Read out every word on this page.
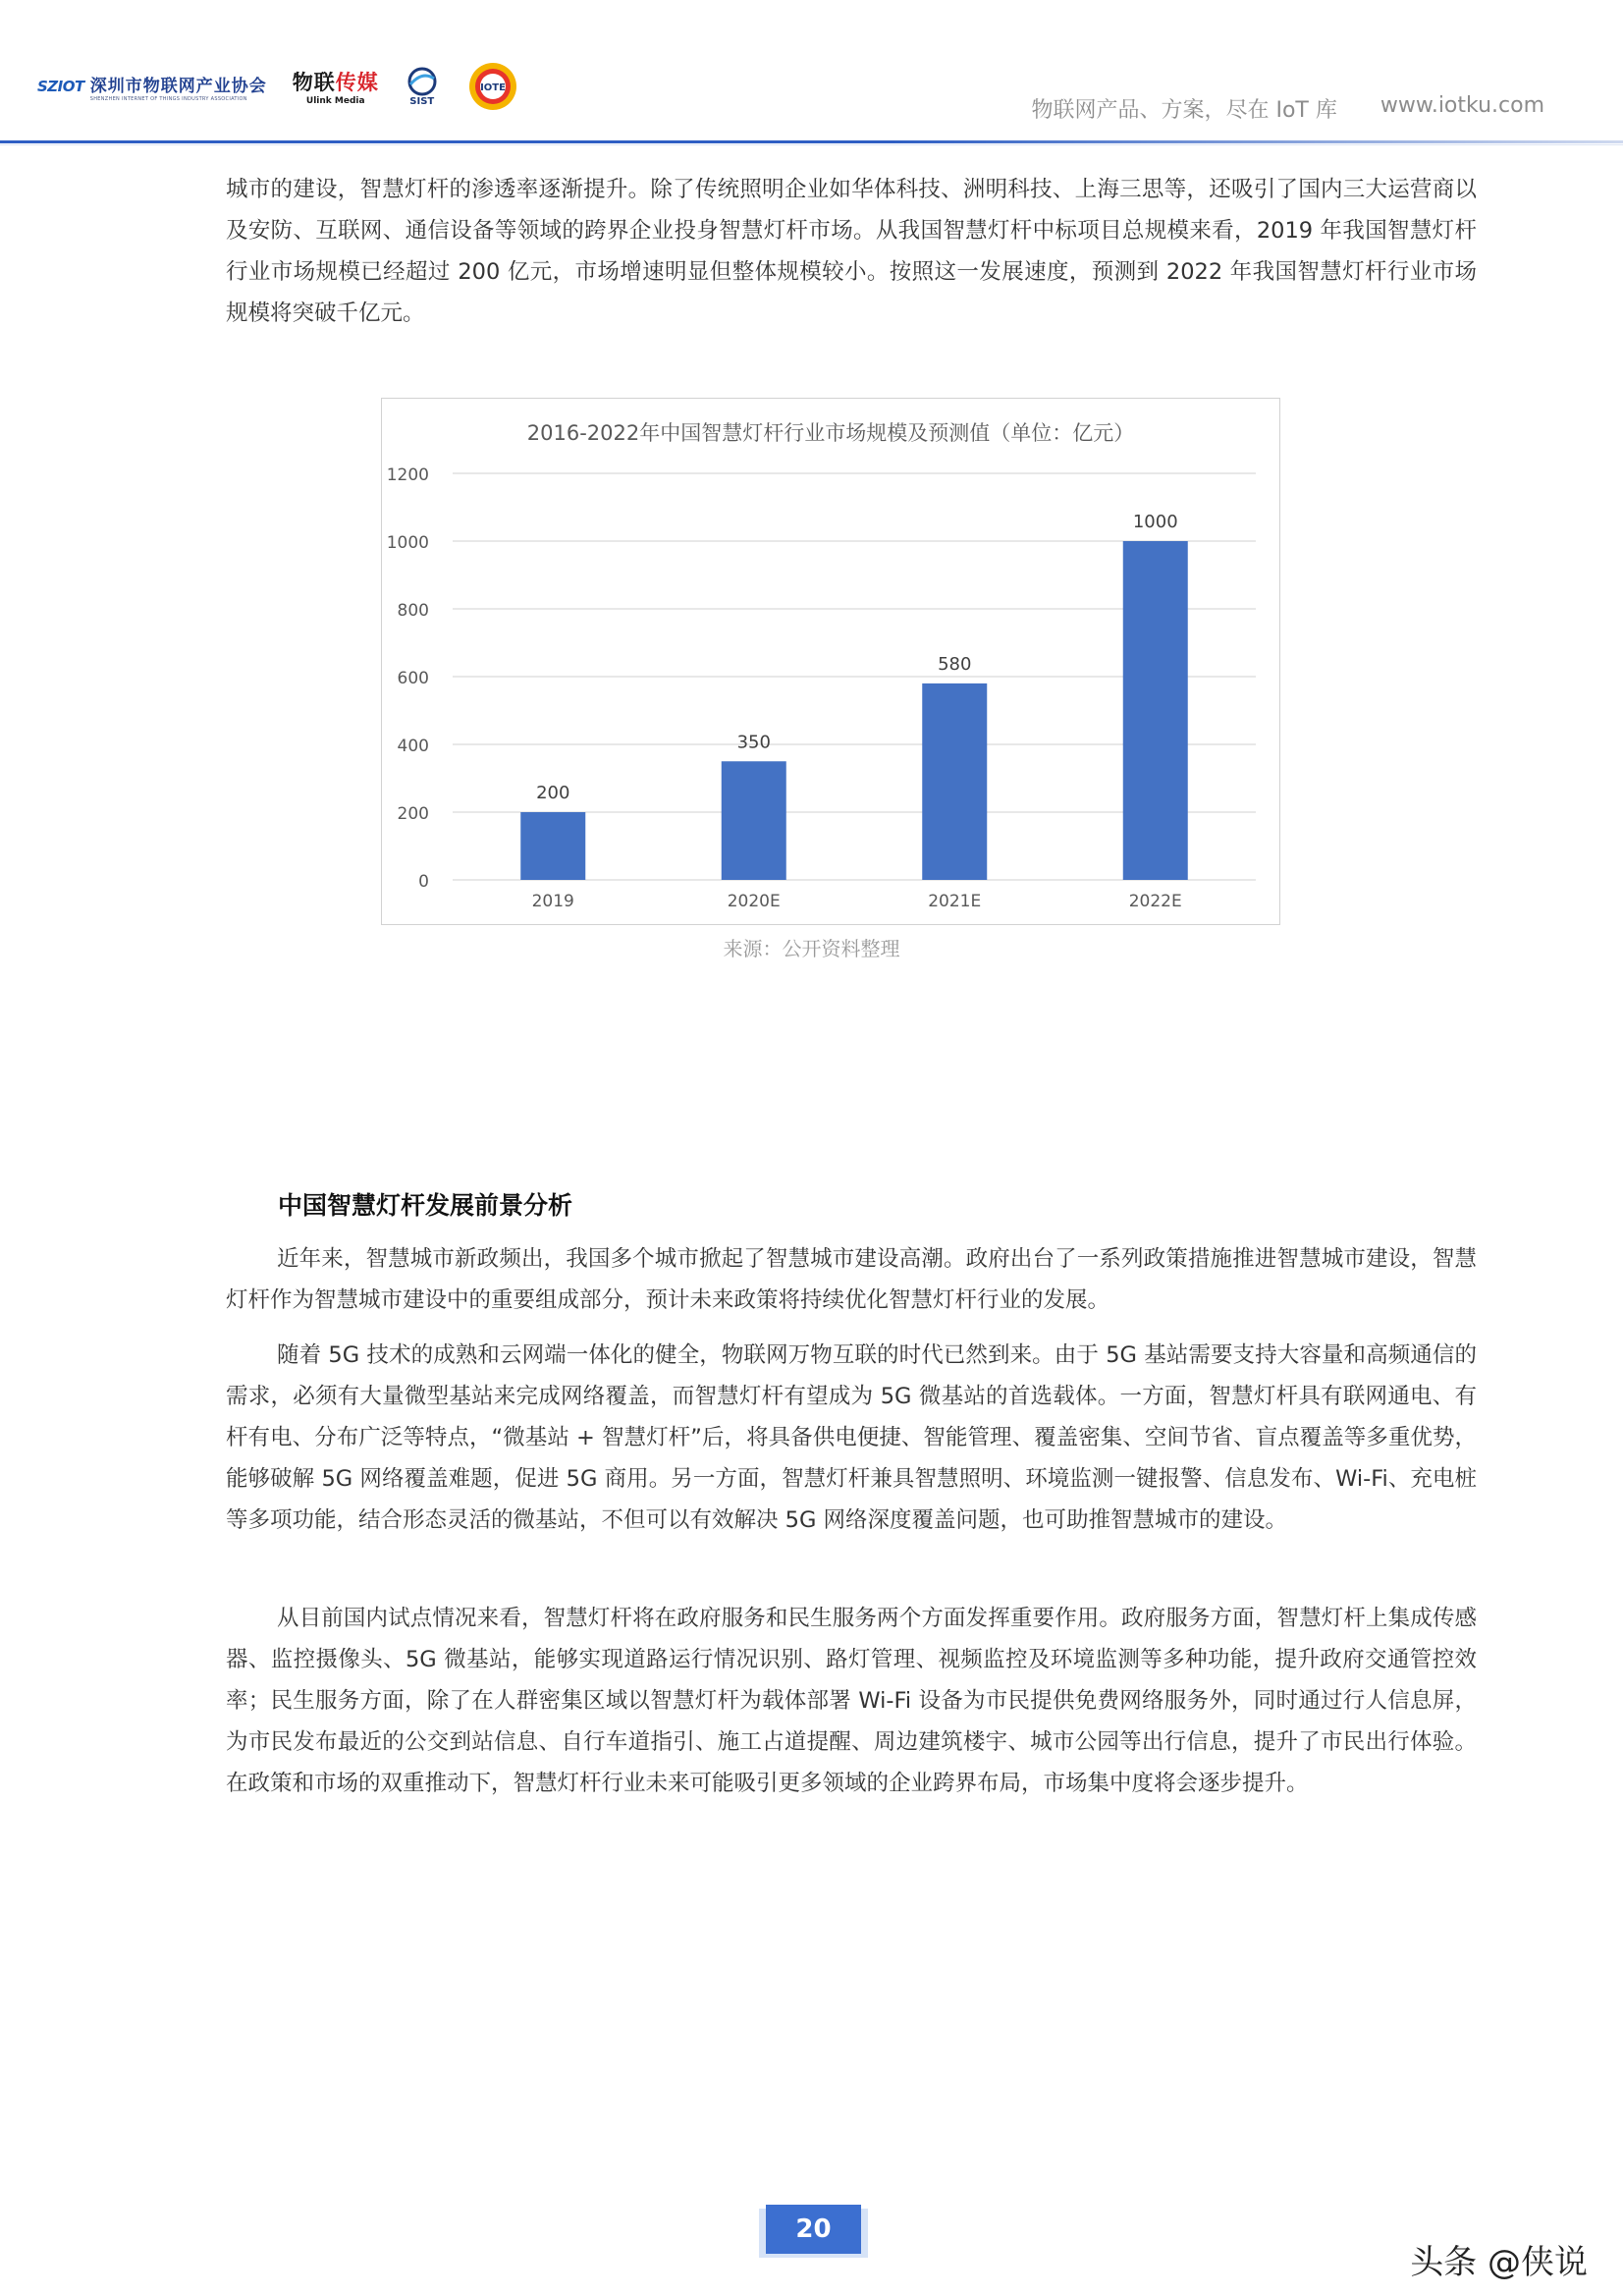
SZIOT 深圳市物联网产业协会
SHENZHEN INTERNET OF THINGS INDUSTRY ASSOCIATION
物联传媒
Ulink Media	SIST
IOTE
物联网产品、方案，尽在 IoT 库 www.iotku.com

城市的建设，智慧灯杆的渗透率逐渐提升。除了传统照明企业如华体科技、洲明科技、上海三思等，还吸引了国内三大运营商以及安防、互联网、通信设备等领域的跨界企业投身智慧灯杆市场。从我国智慧灯杆中标项目总规模来看，2019 年我国智慧灯杆行业市场规模已经超过 200 亿元，市场增速明显但整体规模较小。按照这一发展速度，预测到 2022 年我国智慧灯杆行业市场规模将突破千亿元。

2016-2022年中国智慧灯杆行业市场规模及预测值（单位：亿元）
0
200
400
600
800
1000
1200
200
350
580
1000
2019	2020E	2021E	2022E
来源：公开资料整理
中国智慧灯杆发展前景分析

近年来，智慧城市新政频出，我国多个城市掀起了智慧城市建设高潮。政府出台了一系列政策措施推进智慧城市建设，智慧灯杆作为智慧城市建设中的重要组成部分，预计未来政策将持续优化智慧灯杆行业的发展。

随着 5G 技术的成熟和云网端一体化的健全，物联网万物互联的时代已然到来。由于 5G 基站需要支持大容量和高频通信的需求，必须有大量微型基站来完成网络覆盖，而智慧灯杆有望成为 5G 微基站的首选载体。一方面，智慧灯杆具有联网通电、有杆有电、分布广泛等特点，“微基站 + 智慧灯杆”后，将具备供电便捷、智能管理、覆盖密集、空间节省、盲点覆盖等多重优势，能够破解 5G 网络覆盖难题，促进 5G 商用。另一方面，智慧灯杆兼具智慧照明、环境监测一键报警、信息发布、Wi-Fi、充电桩等多项功能，结合形态灵活的微基站，不但可以有效解决 5G 网络深度覆盖问题，也可助推智慧城市的建设。

从目前国内试点情况来看，智慧灯杆将在政府服务和民生服务两个方面发挥重要作用。政府服务方面，智慧灯杆上集成传感器、监控摄像头、5G 微基站，能够实现道路运行情况识别、路灯管理、视频监控及环境监测等多种功能，提升政府交通管控效率；民生服务方面，除了在人群密集区域以智慧灯杆为载体部署 Wi-Fi 设备为市民提供免费网络服务外，同时通过行人信息屏，为市民发布最近的公交到站信息、自行车道指引、施工占道提醒、周边建筑楼宇、城市公园等出行信息，提升了市民出行体验。在政策和市场的双重推动下，智慧灯杆行业未来可能吸引更多领域的企业跨界布局，市场集中度将会逐步提升。

20
头条 @侠说
